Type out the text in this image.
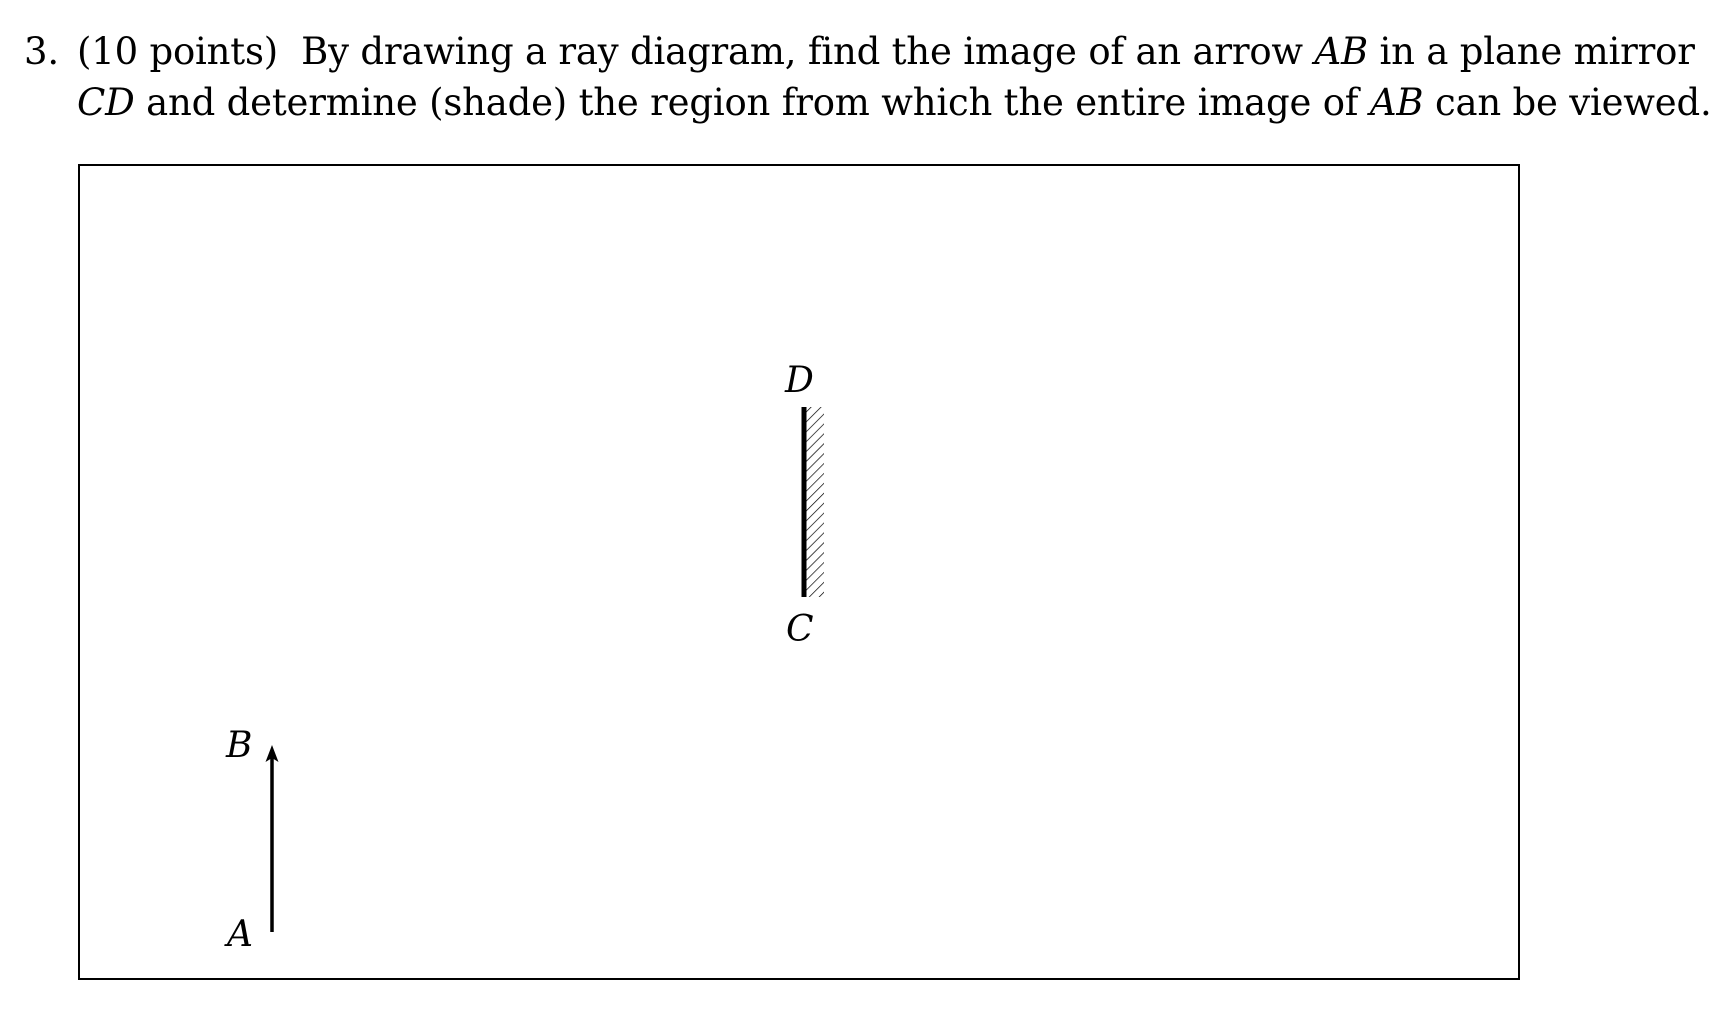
3. (10 points) By drawing a ray diagram, find the image of an arrow AB in a plane mirror
CD and determine (shade) the region from which the entire image of AB can be viewed.
D
C
B
A
